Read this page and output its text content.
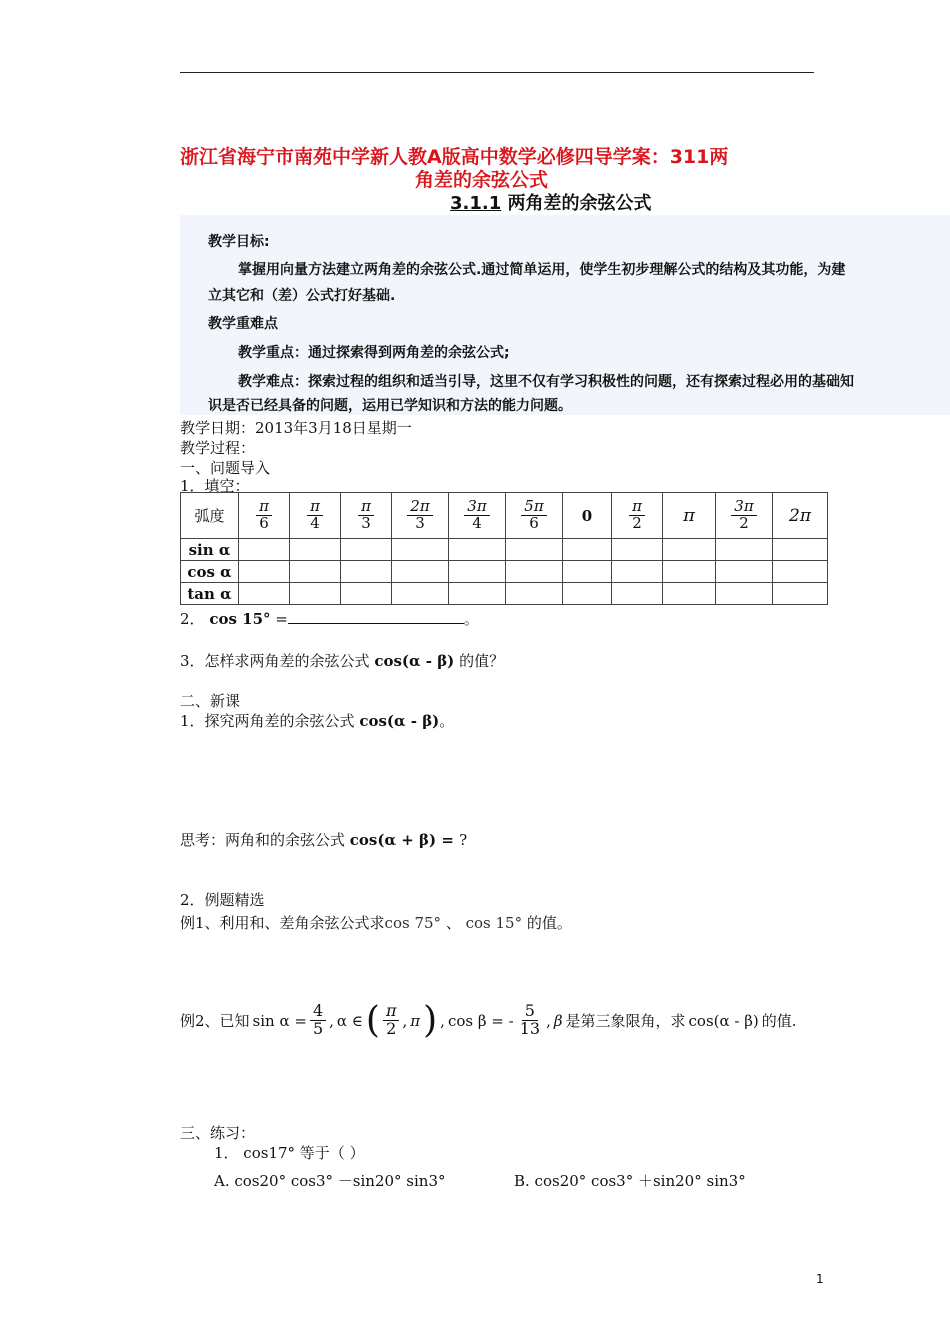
浙江省海宁市南苑中学新人教A版高中数学必修四导学案：311两
角差的余弦公式
3.1.1 两角差的余弦公式
教学目标:
掌握用向量方法建立两角差的余弦公式.通过简单运用，使学生初步理解公式的结构及其功能，为建
立其它和（差）公式打好基础.
教学重难点
教学重点：通过探索得到两角差的余弦公式;
教学难点：探索过程的组织和适当引导，这里不仅有学习积极性的问题，还有探索过程必用的基础知
识是否已经具备的问题，运用已学知识和方法的能力问题。
教学日期：2013年3月18日星期一
教学过程：
一、问题导入
1．填空：
弧度	$\frac{\pi}{6}$	$\frac{\pi}{4}$	$\frac{\pi}{3}$	$\frac{2\pi}{3}$	$\frac{3\pi}{4}$	$\frac{5\pi}{6}$	0	$\frac{\pi}{2}$	π	$\frac{3\pi}{2}$	2π
sin α											
cos α											
tan α											
2． cos 15° =	。
3．怎样求两角差的余弦公式 cos(α - β) 的值？
二、新课
1．探究两角差的余弦公式 cos(α - β)。
思考：两角和的余弦公式 cos(α + β) = ?
2．例题精选
例1、利用和、差角余弦公式求cos 75° 、 cos 15° 的值。
例2、已知 $\sin \alpha = \frac{4}{5}$ , α ∈ ( $\frac{\pi}{2}$ , π ) , cos β = - $\frac{5}{13}$ , β 是第三象限角，求 cos(α - β) 的值.
三、练习：
1． cos17° 等于（ ）
A. cos20° cos3° －sin20° sin3°	B. cos20° cos3° ＋sin20° sin3°
1
